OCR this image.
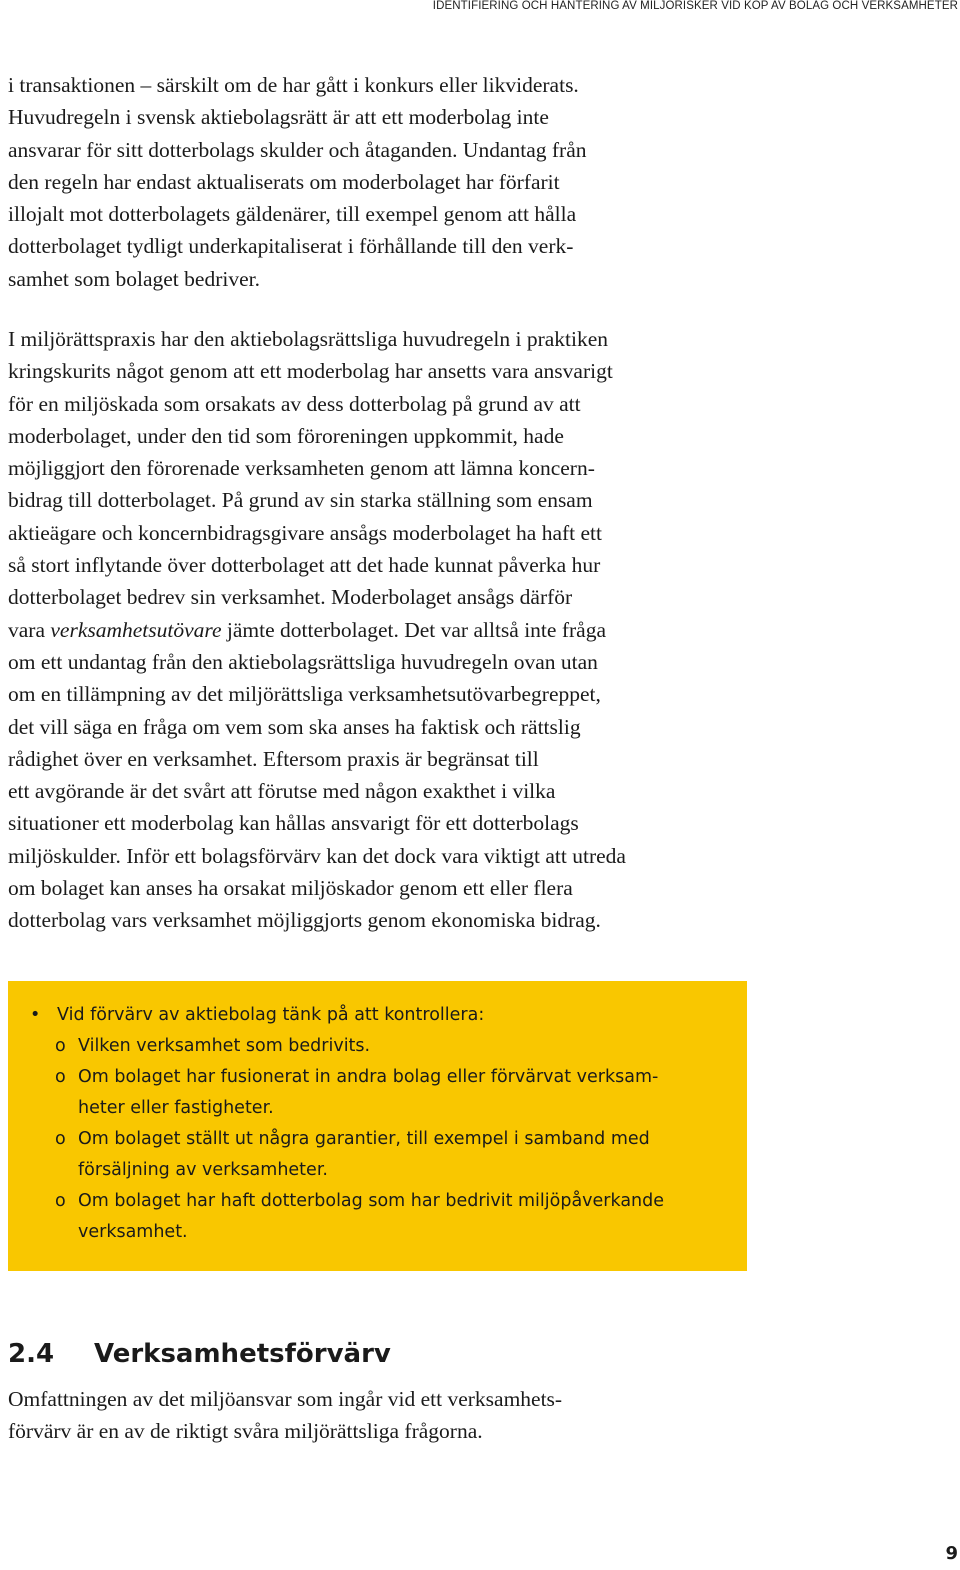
IDENTIFIERING OCH HANTERING AV MILJÖRISKER VID KÖP AV BOLAG OCH VERKSAMHETER

i transaktionen – särskilt om de har gått i konkurs eller likviderats.
Huvudregeln i svensk aktiebolagsrätt är att ett moderbolag inte
ansvarar för sitt dotterbolags skulder och åtaganden. Undantag från
den regeln har endast aktualiserats om moderbolaget har förfarit
illojalt mot dotterbolagets gäldenärer, till exempel genom att hålla
dotterbolaget tydligt underkapitaliserat i förhållande till den verk-
samhet som bolaget bedriver.

I miljörättspraxis har den aktiebolagsrättsliga huvudregeln i praktiken
kringskurits något genom att ett moderbolag har ansetts vara ansvarigt
för en miljöskada som orsakats av dess dotterbolag på grund av att
moderbolaget, under den tid som föroreningen uppkommit, hade
möjliggjort den förorenade verksamheten genom att lämna koncern-
bidrag till dotterbolaget. På grund av sin starka ställning som ensam
aktieägare och koncernbidragsgivare ansågs moderbolaget ha haft ett
så stort inflytande över dotterbolaget att det hade kunnat påverka hur
dotterbolaget bedrev sin verksamhet. Moderbolaget ansågs därför
vara verksamhetsutövare jämte dotterbolaget. Det var alltså inte fråga
om ett undantag från den aktiebolagsrättsliga huvudregeln ovan utan
om en tillämpning av det miljörättsliga verksamhetsutövarbegreppet,
det vill säga en fråga om vem som ska anses ha faktisk och rättslig
rådighet över en verksamhet. Eftersom praxis är begränsat till
ett avgörande är det svårt att förutse med någon exakthet i vilka
situationer ett moderbolag kan hållas ansvarigt för ett dotterbolags
miljöskulder. Inför ett bolagsförvärv kan det dock vara viktigt att utreda
om bolaget kan anses ha orsakat miljöskador genom ett eller flera
dotterbolag vars verksamhet möjliggjorts genom ekonomiska bidrag.

• Vid förvärv av aktiebolag tänk på att kontrollera:
o Vilken verksamhet som bedrivits.
o Om bolaget har fusionerat in andra bolag eller förvärvat verksam-
heter eller fastigheter.
o Om bolaget ställt ut några garantier, till exempel i samband med
försäljning av verksamheter.
o Om bolaget har haft dotterbolag som har bedrivit miljöpåverkande
verksamhet.
2.4 Verksamhetsförvärv

Omfattningen av det miljöansvar som ingår vid ett verksamhets-
förvärv är en av de riktigt svåra miljörättsliga frågorna.

9
